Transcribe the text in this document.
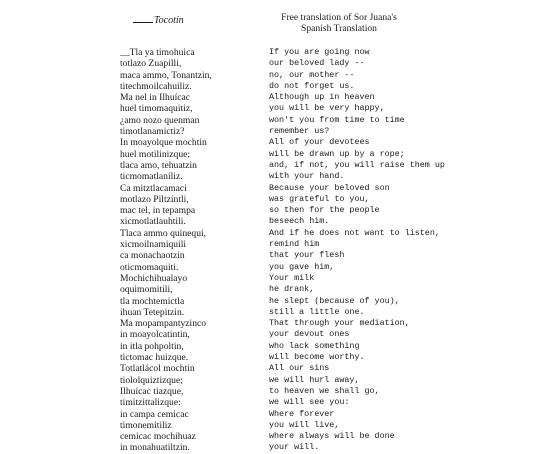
Tocotín	Free translation of Sor Juana's
Spanish Translation
__Tla ya timohuica
totlazo Zuapilli,
maca ammo, Tonantzin,
titechmoilcahuiliz.
Ma nel in Ilhuícac
huel timomaquitiz,
¿amo nozo quenman
timotlanamictiz?
In moayolque mochtin
huel motilinizque;
tlaca amo, tehuatzin
ticmomatlaníliz.
Ca mitztlacamaci
motlazo Piltzintli,
mac tel, in tepampa
xicmotlatlauhtili.
Tlaca ammo quinequi,
xicmoilnamiquili
ca monachaotzin
oticmomaquiti.
Mochichihualayo
oquimomitili,
tla mochtemictla
ihuan Tetepitzin.
Ma mopampantyzinco
in moayolcatintin,
in itla pohpoltin,
tictomac huizque.
Totlatlácol mochtin
tiololquiztizque;
Ilhuícac tiazque,
timitzittalizque:
in campa cemicac
timonemitiliz
cemicac mochihuaz
in monahuatiltzin.
If you are going now
our beloved lady --
no, our mother --
do not forget us.
Although up in heaven
you will be very happy,
won't you from time to time
remember us?
All of your devotees
will be drawn up by a rope;
and, if not, you will raise them up
with your hand.
Because your beloved son
was grateful to you,
so then for the people
beseech him.
And if he does not want to listen,
remind him
that your flesh
you gave him,
Your milk
he drank,
he slept (because of you),
still a little one.
That through your mediation,
your devout ones
who lack something
will become worthy.
All our sins
we will hurl away,
to heaven we shall go,
we will see you:
Where forever
you will live,
where always will be done
your will.
